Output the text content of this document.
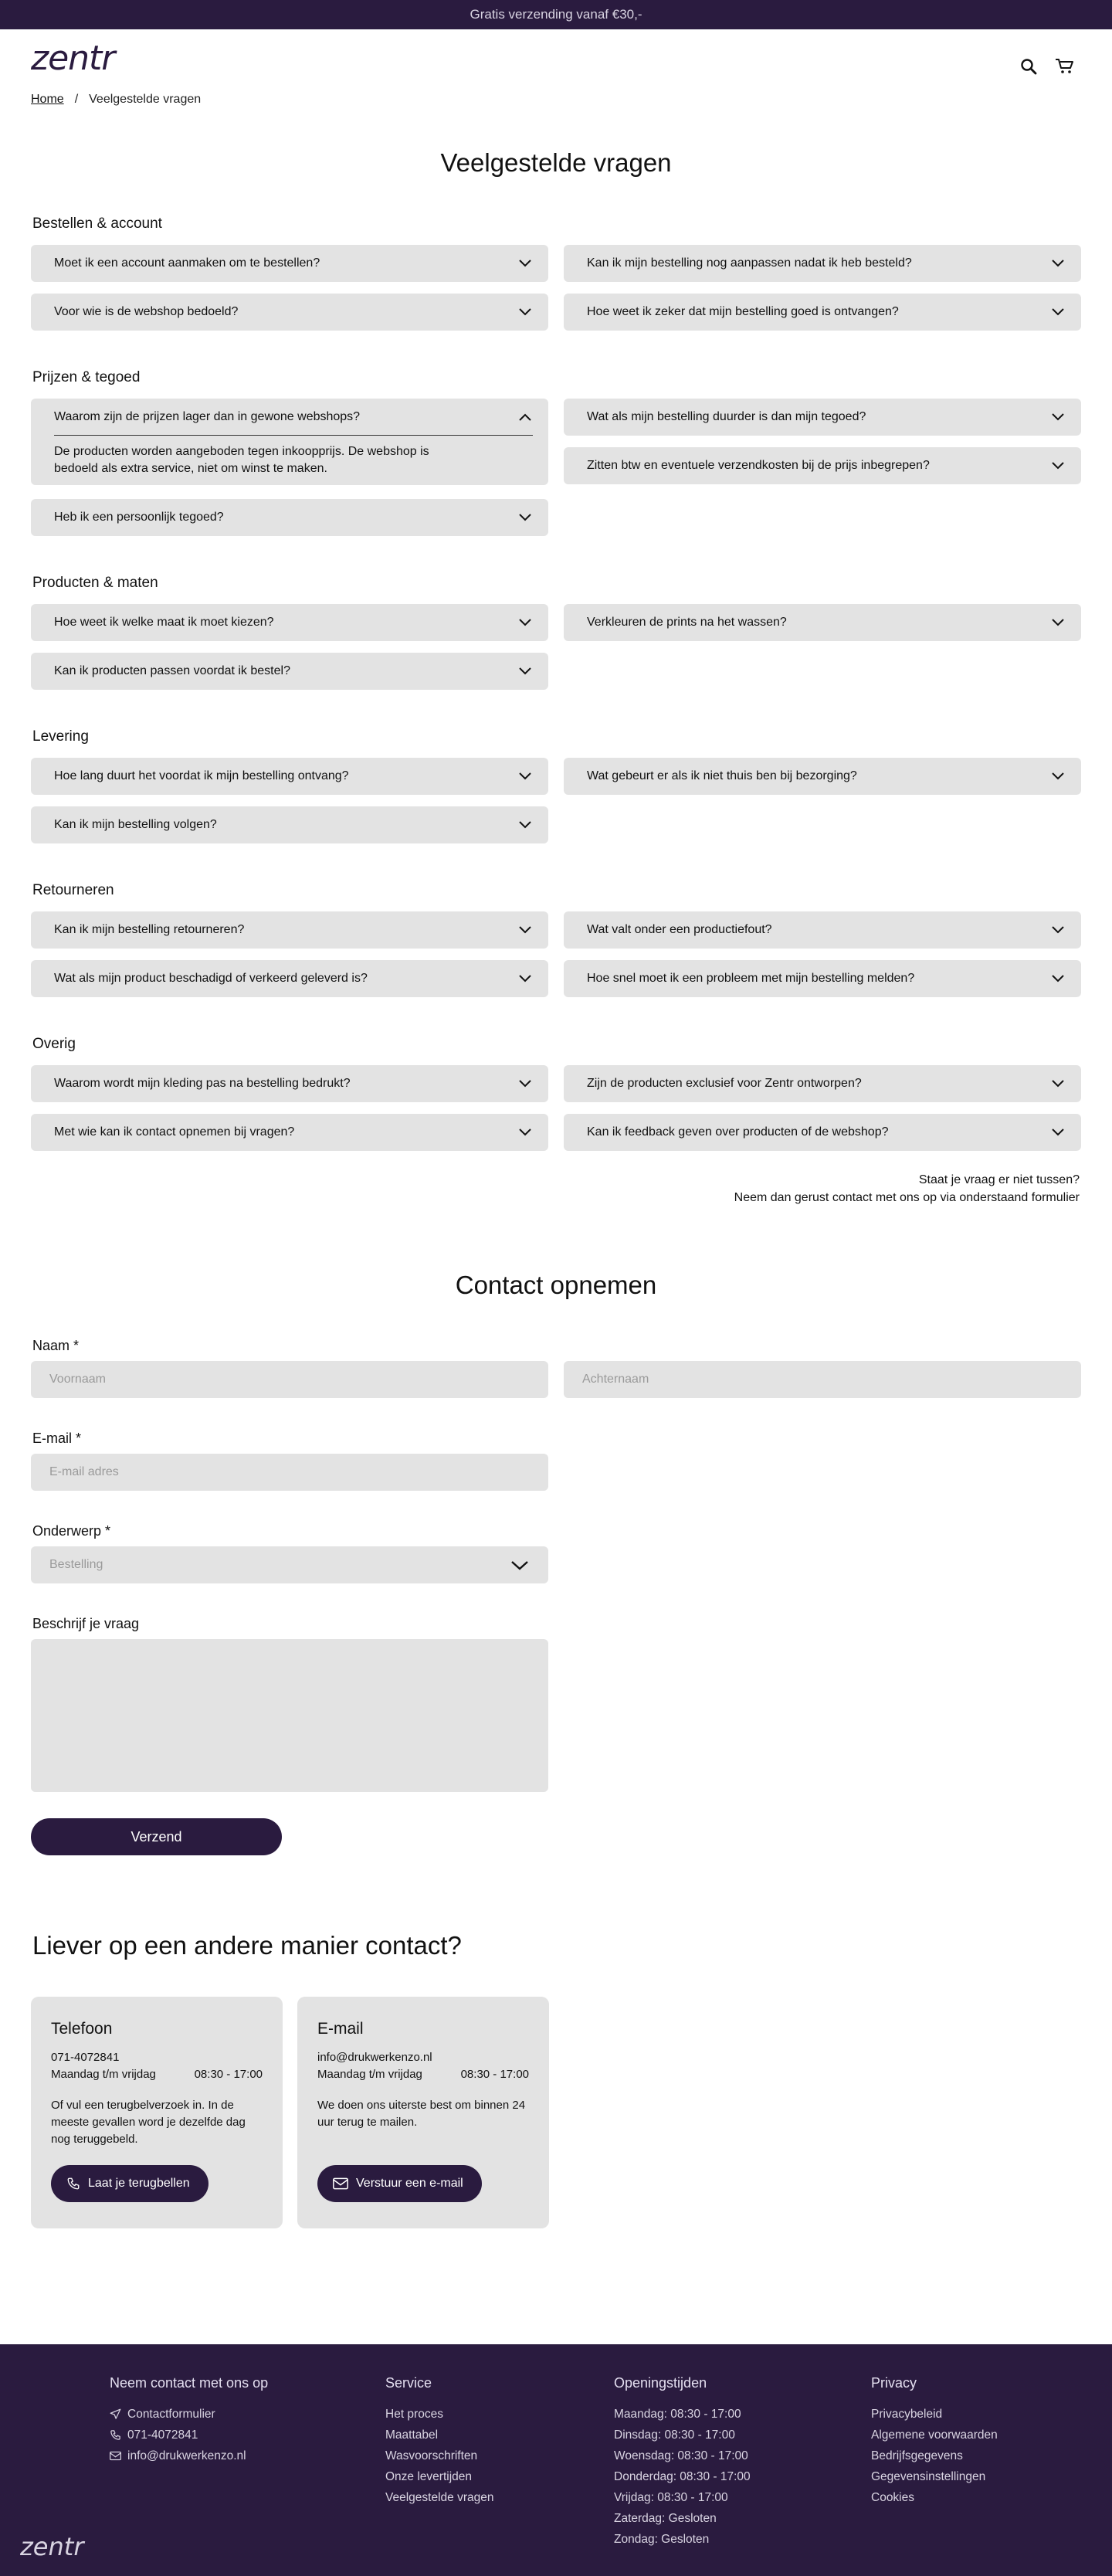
Gratis verzending vanaf €30,-
zentr
Home / Veelgestelde vragen
Veelgestelde vragen
Bestellen & account
Moet ik een account aanmaken om te bestellen?	Kan ik mijn bestelling nog aanpassen nadat ik heb besteld?
Voor wie is de webshop bedoeld?	Hoe weet ik zeker dat mijn bestelling goed is ontvangen?
Prijzen & tegoed
Waarom zijn de prijzen lager dan in gewone webshops?
De producten worden aangeboden tegen inkoopprijs. De webshop is bedoeld als extra service, niet om winst te maken.
Wat als mijn bestelling duurder is dan mijn tegoed?
Zitten btw en eventuele verzendkosten bij de prijs inbegrepen?
Heb ik een persoonlijk tegoed?
Producten & maten
Hoe weet ik welke maat ik moet kiezen?	Verkleuren de prints na het wassen?
Kan ik producten passen voordat ik bestel?
Levering
Hoe lang duurt het voordat ik mijn bestelling ontvang?	Wat gebeurt er als ik niet thuis ben bij bezorging?
Kan ik mijn bestelling volgen?
Retourneren
Kan ik mijn bestelling retourneren?	Wat valt onder een productiefout?
Wat als mijn product beschadigd of verkeerd geleverd is?	Hoe snel moet ik een probleem met mijn bestelling melden?
Overig
Waarom wordt mijn kleding pas na bestelling bedrukt?	Zijn de producten exclusief voor Zentr ontworpen?
Met wie kan ik contact opnemen bij vragen?	Kan ik feedback geven over producten of de webshop?
Staat je vraag er niet tussen?
Neem dan gerust contact met ons op via onderstaand formulier
Contact opnemen
Naam *
Voornaam
Achternaam
E-mail *
E-mail adres
Onderwerp *
Bestelling
Beschrijf je vraag
Verzend
Liever op een andere manier contact?
Telefoon
071-4072841
Maandag t/m vrijdag	08:30 - 17:00

Of vul een terugbelverzoek in. In de meeste gevallen word je dezelfde dag nog teruggebeld.

Laat je terugbellen
E-mail
info@drukwerkenzo.nl
Maandag t/m vrijdag	08:30 - 17:00

We doen ons uiterste best om binnen 24 uur terug te mailen.

Verstuur een e-mail
Neem contact met ons op
Contactformulier
071-4072841
info@drukwerkenzo.nl
Service
Het proces
Maattabel
Wasvoorschriften
Onze levertijden
Veelgestelde vragen
Openingstijden
Maandag: 08:30 - 17:00
Dinsdag: 08:30 - 17:00
Woensdag: 08:30 - 17:00
Donderdag: 08:30 - 17:00
Vrijdag: 08:30 - 17:00
Zaterdag: Gesloten
Zondag: Gesloten
Privacy
Privacybeleid
Algemene voorwaarden
Bedrijfsgegevens
Gegevensinstellingen
Cookies
zentr
